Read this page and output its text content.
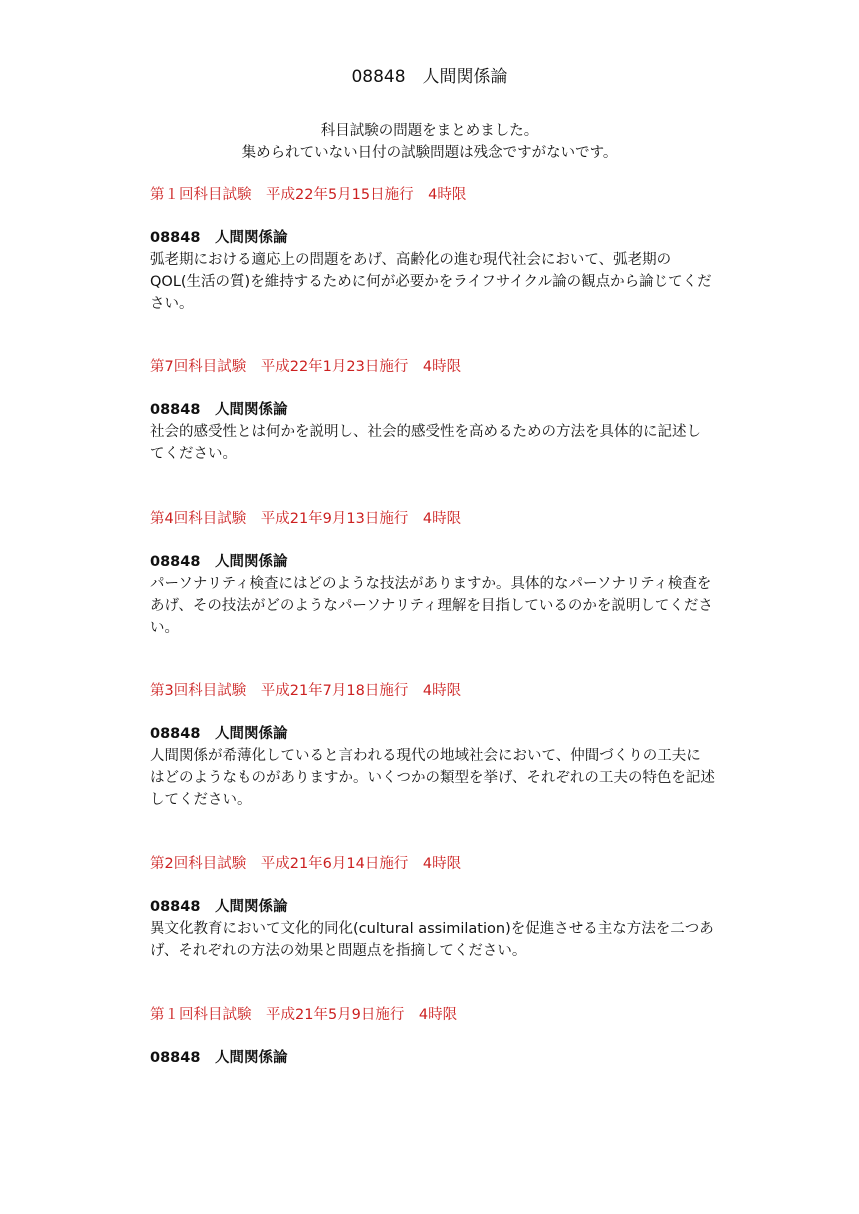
08848　人間関係論
科目試験の問題をまとめました。
集められていない日付の試験問題は残念ですがないです。
第１回科目試験　平成22年5月15日施行　4時限
08848　人間関係論
弧老期における適応上の問題をあげ、高齢化の進む現代社会において、弧老期のQOL(生活の質)を維持するために何が必要かをライフサイクル論の観点から論じてください。
第7回科目試験　平成22年1月23日施行　4時限
08848　人間関係論
社会的感受性とは何かを説明し、社会的感受性を高めるための方法を具体的に記述してください。
第4回科目試験　平成21年9月13日施行　4時限
08848　人間関係論
パーソナリティ検査にはどのような技法がありますか。具体的なパーソナリティ検査をあげ、その技法がどのようなパーソナリティ理解を目指しているのかを説明してください。
第3回科目試験　平成21年7月18日施行　4時限
08848　人間関係論
人間関係が希薄化していると言われる現代の地域社会において、仲間づくりの工夫にはどのようなものがありますか。いくつかの類型を挙げ、それぞれの工夫の特色を記述してください。
第2回科目試験　平成21年6月14日施行　4時限
08848　人間関係論
異文化教育において文化的同化(cultural assimilation)を促進させる主な方法を二つあげ、それぞれの方法の効果と問題点を指摘してください。
第１回科目試験　平成21年5月9日施行　4時限
08848　人間関係論
